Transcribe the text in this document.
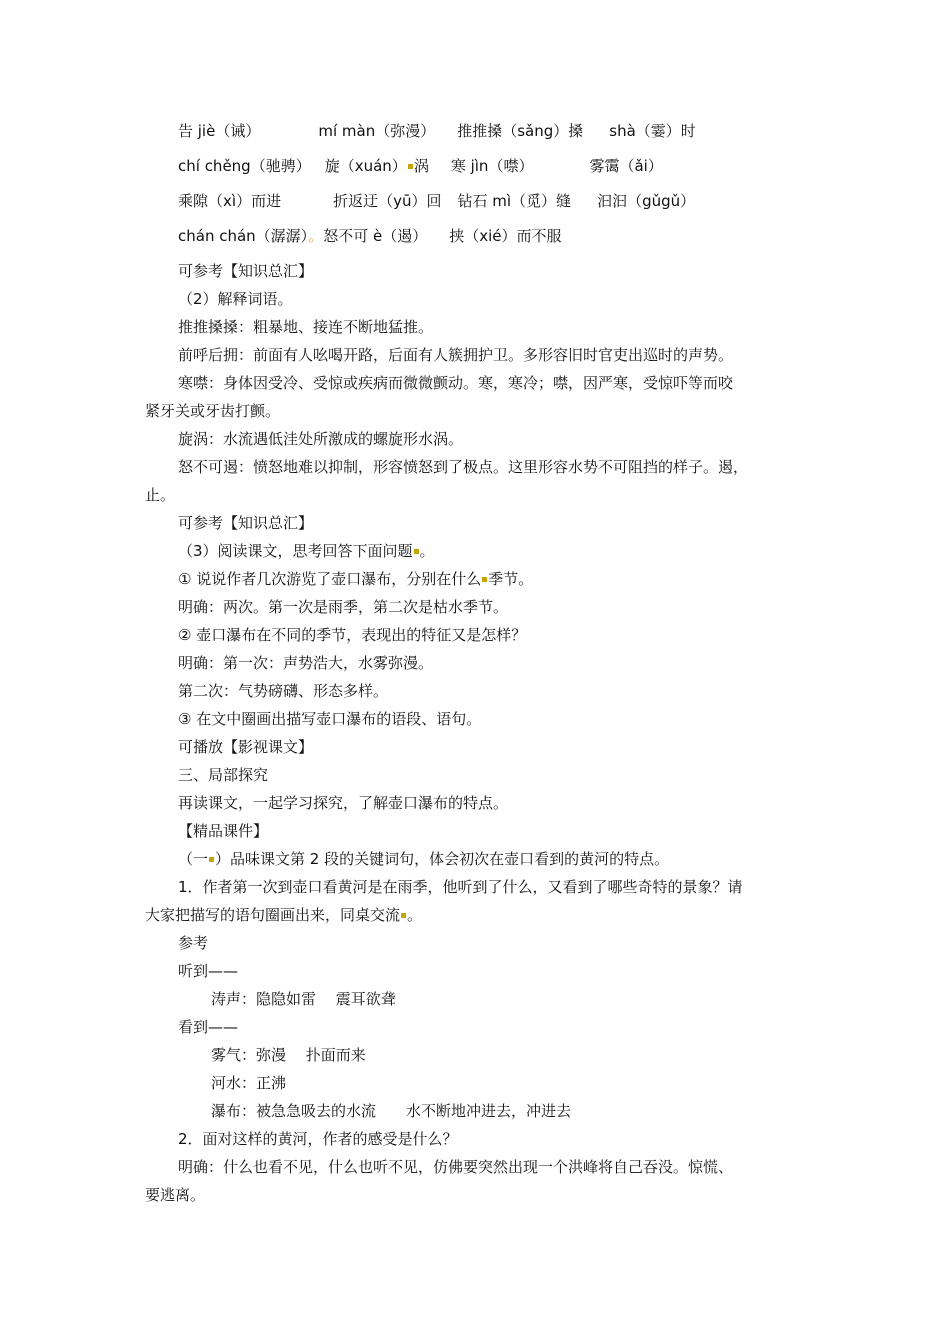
告 jiè（诫）	mí màn（弥漫） 推推搡（sǎng）搡 shà（霎）时
chí chěng（驰骋） 旋（xuán） 涡 寒 jìn（噤）	雾霭（ǎi）
乘隙（xì）而进	折返迂（yū）回 钻石 mì（觅）缝 汩汩（gǔgǔ）
chán chán（潺潺）。怒不可 è（遏） 挟（xié）而不服
可参考【知识总汇】
（2）解释词语。
推推搡搡：粗暴地、接连不断地猛推。
前呼后拥：前面有人吆喝开路，后面有人簇拥护卫。多形容旧时官吏出巡时的声势。
寒噤：身体因受冷、受惊或疾病而微微颤动。寒，寒冷；噤，因严寒，受惊吓等而咬
紧牙关或牙齿打颤。
旋涡：水流遇低洼处所激成的螺旋形水涡。
怒不可遏：愤怒地难以抑制，形容愤怒到了极点。这里形容水势不可阻挡的样子。遏，
止。
可参考【知识总汇】
（3）阅读课文，思考回答下面问题 。
① 说说作者几次游览了壶口瀑布，分别在什么 季节。
明确：两次。第一次是雨季，第二次是枯水季节。
② 壶口瀑布在不同的季节，表现出的特征又是怎样？
明确：第一次：声势浩大，水雾弥漫。
第二次：气势磅礴、形态多样。
③ 在文中圈画出描写壶口瀑布的语段、语句。
可播放【影视课文】
三、局部探究
再读课文，一起学习探究，了解壶口瀑布的特点。
【精品课件】
（一 ）品味课文第 2 段的关键词句，体会初次在壶口看到的黄河的特点。
1．作者第一次到壶口看黄河是在雨季，他听到了什么，又看到了哪些奇特的景象？请
大家把描写的语句圈画出来，同桌交流 。
参考
听到——
涛声：隐隐如雷　 震耳欲聋
看到——
雾气：弥漫　 扑面而来
河水：正沸
瀑布：被急急吸去的水流　　水不断地冲进去，冲进去
2．面对这样的黄河，作者的感受是什么？
明确：什么也看不见，什么也听不见，仿佛要突然出现一个洪峰将自己吞没。惊慌、
要逃离。
